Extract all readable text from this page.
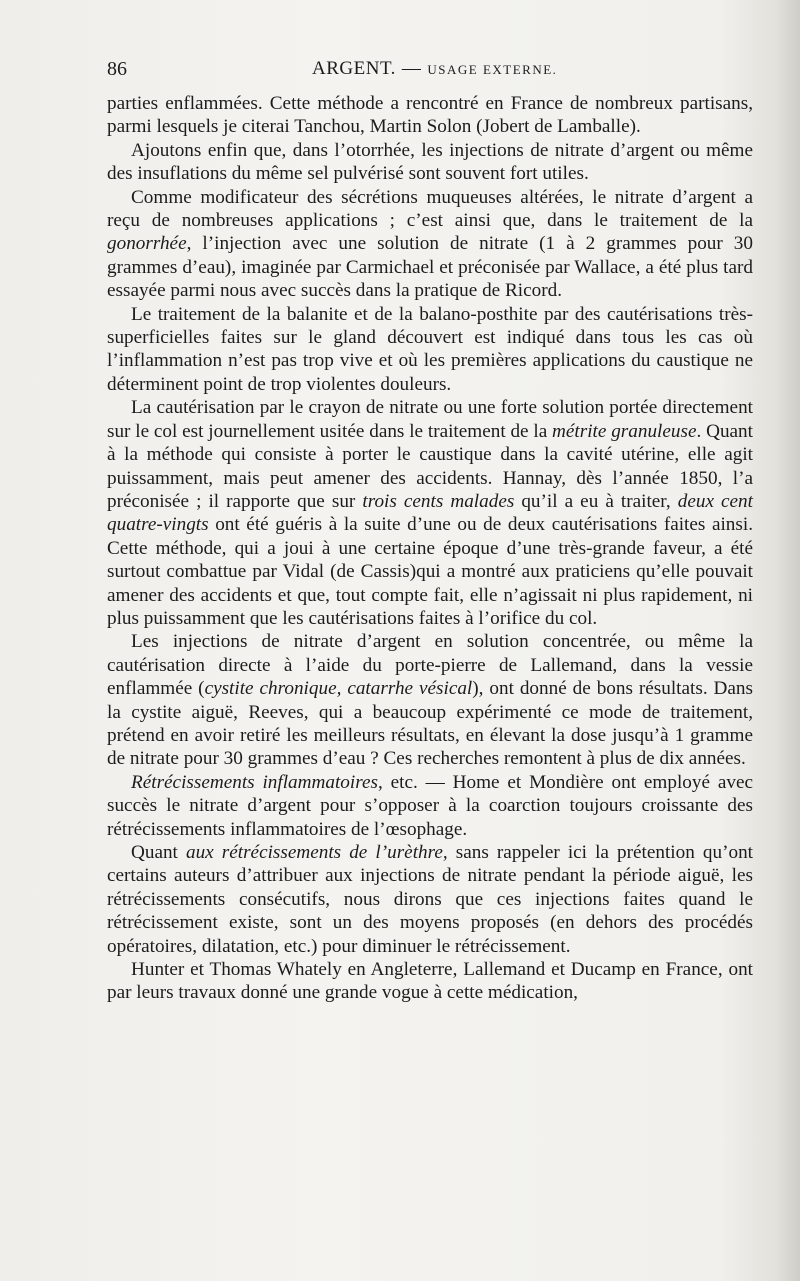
86	ARGENT. — USAGE EXTERNE.

parties enflammées. Cette méthode a rencontré en France de nombreux partisans, parmi lesquels je citerai Tanchou, Martin Solon (Jobert de Lamballe).

Ajoutons enfin que, dans l’otorrhée, les injections de nitrate d’argent ou même des insuflations du même sel pulvérisé sont souvent fort utiles.

Comme modificateur des sécrétions muqueuses altérées, le nitrate d’argent a reçu de nombreuses applications ; c’est ainsi que, dans le traitement de la gonorrhée, l’injection avec une solution de nitrate (1 à 2 grammes pour 30 grammes d’eau), imaginée par Carmichael et préconisée par Wallace, a été plus tard essayée parmi nous avec succès dans la pratique de Ricord.

Le traitement de la balanite et de la balano-posthite par des cautérisations très-superficielles faites sur le gland découvert est indiqué dans tous les cas où l’inflammation n’est pas trop vive et où les premières applications du caustique ne déterminent point de trop violentes douleurs.

La cautérisation par le crayon de nitrate ou une forte solution portée directement sur le col est journellement usitée dans le traitement de la métrite granuleuse. Quant à la méthode qui consiste à porter le caustique dans la cavité utérine, elle agit puissamment, mais peut amener des accidents. Hannay, dès l’année 1850, l’a préconisée ; il rapporte que sur trois cents malades qu’il a eu à traiter, deux cent quatre-vingts ont été guéris à la suite d’une ou de deux cautérisations faites ainsi. Cette méthode, qui a joui à une certaine époque d’une très-grande faveur, a été surtout combattue par Vidal (de Cassis)qui a montré aux praticiens qu’elle pouvait amener des accidents et que, tout compte fait, elle n’agissait ni plus rapidement, ni plus puissamment que les cautérisations faites à l’orifice du col.

Les injections de nitrate d’argent en solution concentrée, ou même la cautérisation directe à l’aide du porte-pierre de Lallemand, dans la vessie enflammée (cystite chronique, catarrhe vésical), ont donné de bons résultats. Dans la cystite aiguë, Reeves, qui a beaucoup expérimenté ce mode de traitement, prétend en avoir retiré les meilleurs résultats, en élevant la dose jusqu’à 1 gramme de nitrate pour 30 grammes d’eau ? Ces recherches remontent à plus de dix années.

Rétrécissements inflammatoires, etc. — Home et Mondière ont employé avec succès le nitrate d’argent pour s’opposer à la coarction toujours croissante des rétrécissements inflammatoires de l’œsophage.

Quant aux rétrécissements de l’urèthre, sans rappeler ici la prétention qu’ont certains auteurs d’attribuer aux injections de nitrate pendant la période aiguë, les rétrécissements consécutifs, nous dirons que ces injections faites quand le rétrécissement existe, sont un des moyens proposés (en dehors des procédés opératoires, dilatation, etc.) pour diminuer le rétrécissement.

Hunter et Thomas Whately en Angleterre, Lallemand et Ducamp en France, ont par leurs travaux donné une grande vogue à cette médication,
